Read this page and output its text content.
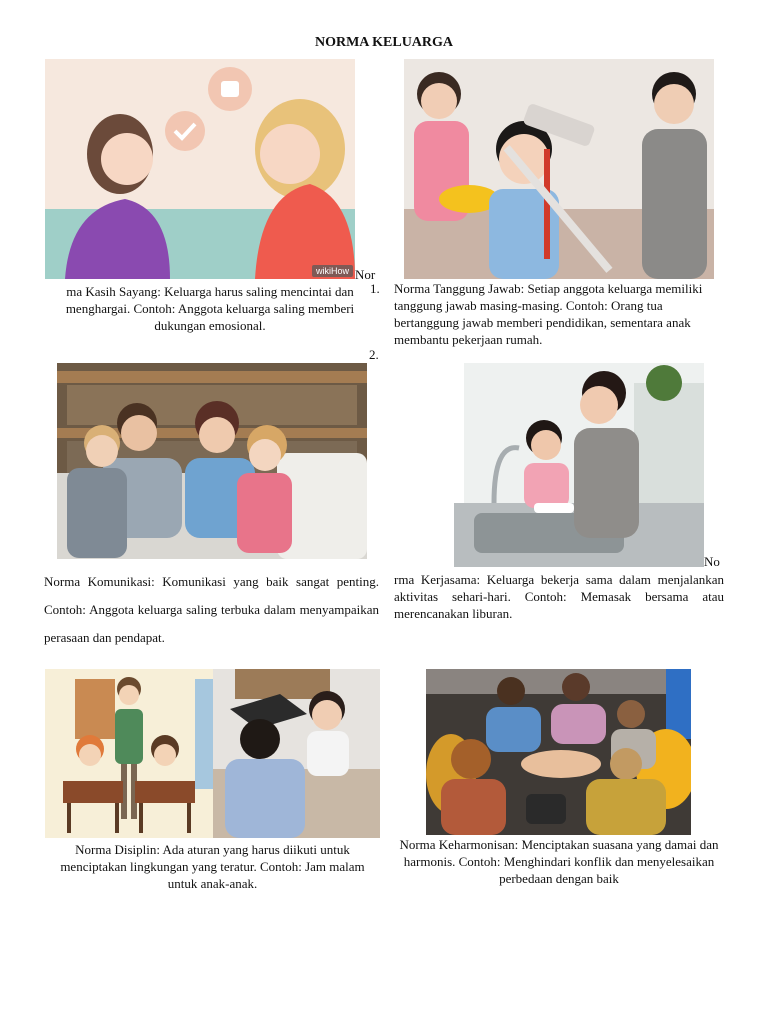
NORMA KELUARGA
wikiHow Nor
1.
ma Kasih Sayang: Keluarga harus saling mencintai dan menghargai. Contoh: Anggota keluarga saling memberi dukungan emosional.
Norma Tanggung Jawab: Setiap anggota keluarga memiliki tanggung jawab masing-masing. Contoh: Orang tua bertanggung jawab memberi pendidikan, sementara anak membantu pekerjaan rumah.
2.
Norma Komunikasi: Komunikasi yang baik sangat penting. Contoh: Anggota keluarga saling terbuka dalam menyampaikan perasaan dan pendapat.
No
rma Kerjasama: Keluarga bekerja sama dalam menjalankan aktivitas sehari-hari. Contoh: Memasak bersama atau merencanakan liburan.
Norma Disiplin: Ada aturan yang harus diikuti untuk menciptakan lingkungan yang teratur. Contoh: Jam malam untuk anak-anak.
Norma Keharmonisan: Menciptakan suasana yang damai dan harmonis. Contoh: Menghindari konflik dan menyelesaikan perbedaan dengan baik
